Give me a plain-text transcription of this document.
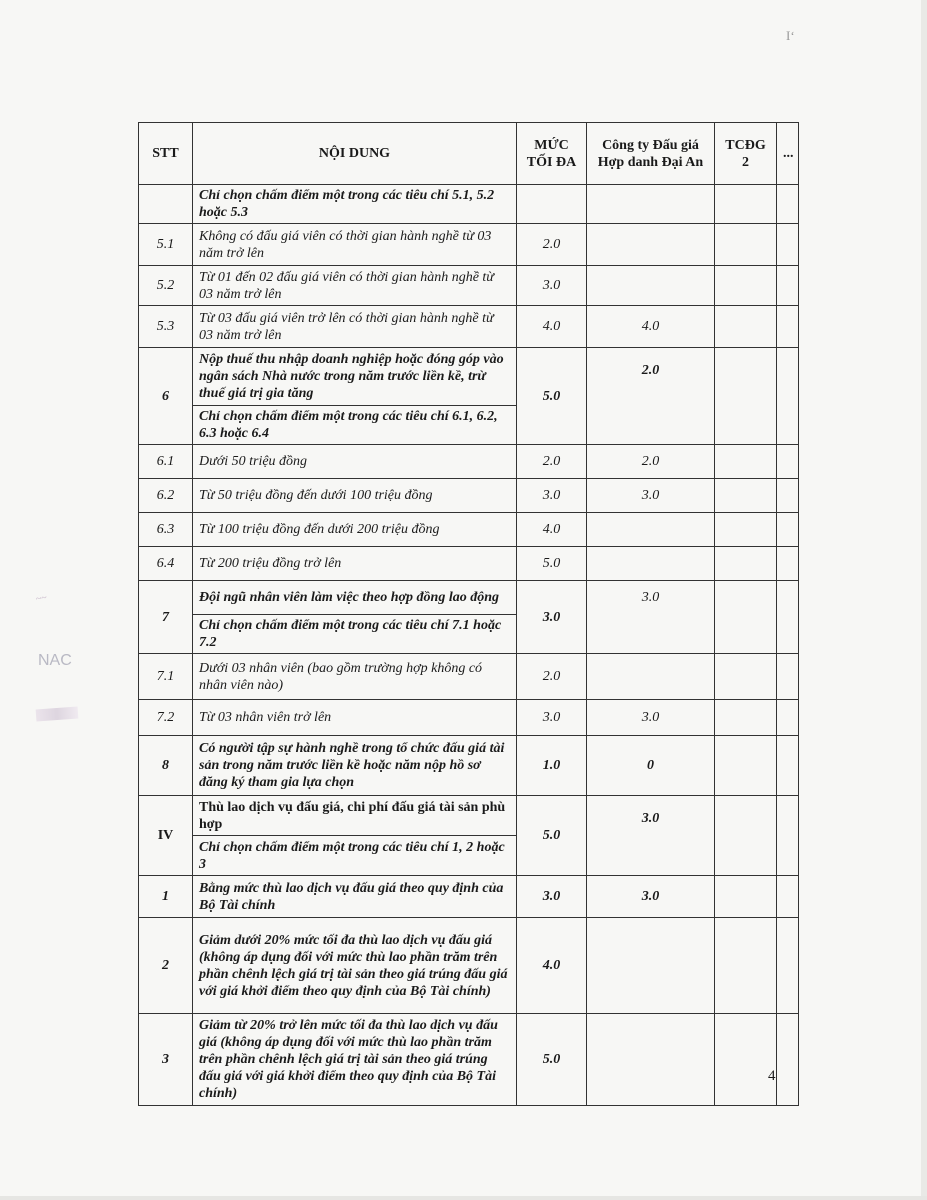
I‘
~~
NAC
STT	NỘI DUNG	MỨC TỐI ĐA	Công ty Đấu giá Hợp danh Đại An	TCĐG 2	...
	Chỉ chọn chấm điểm một trong các tiêu chí 5.1, 5.2 hoặc 5.3				
5.1	Không có đấu giá viên có thời gian hành nghề từ 03 năm trở lên	2.0			
5.2	Từ 01 đến 02 đấu giá viên có thời gian hành nghề từ 03 năm trở lên	3.0			
5.3	Từ 03 đấu giá viên trở lên có thời gian hành nghề từ 03 năm trở lên	4.0	4.0		
6	Nộp thuế thu nhập doanh nghiệp hoặc đóng góp vào ngân sách Nhà nước trong năm trước liền kề, trừ thuế giá trị gia tăng	5.0	2.0		
	Chỉ chọn chấm điểm một trong các tiêu chí 6.1, 6.2, 6.3 hoặc 6.4				
6.1	Dưới 50 triệu đồng	2.0	2.0		
6.2	Từ 50 triệu đồng đến dưới 100 triệu đồng	3.0	3.0		
6.3	Từ 100 triệu đồng đến dưới 200 triệu đồng	4.0			
6.4	Từ 200 triệu đồng trở lên	5.0			
7	Đội ngũ nhân viên làm việc theo hợp đồng lao động	3.0	3.0		
	Chỉ chọn chấm điểm một trong các tiêu chí 7.1 hoặc 7.2				
7.1	Dưới 03 nhân viên (bao gồm trường hợp không có nhân viên nào)	2.0			
7.2	Từ 03 nhân viên trở lên	3.0	3.0		
8	Có người tập sự hành nghề trong tổ chức đấu giá tài sản trong năm trước liền kề hoặc năm nộp hồ sơ đăng ký tham gia lựa chọn	1.0	0		
IV	Thù lao dịch vụ đấu giá, chi phí đấu giá tài sản phù hợp	5.0	3.0		
	Chỉ chọn chấm điểm một trong các tiêu chí 1, 2 hoặc 3				
1	Bằng mức thù lao dịch vụ đấu giá theo quy định của Bộ Tài chính	3.0	3.0		
2	Giảm dưới 20% mức tối đa thù lao dịch vụ đấu giá (không áp dụng đối với mức thù lao phần trăm trên phần chênh lệch giá trị tài sản theo giá trúng đấu giá với giá khởi điểm theo quy định của Bộ Tài chính)	4.0			
3	Giảm từ 20% trở lên mức tối đa thù lao dịch vụ đấu giá (không áp dụng đối với mức thù lao phần trăm trên phần chênh lệch giá trị tài sản theo giá trúng đấu giá với giá khởi điểm theo quy định của Bộ Tài chính)	5.0			
4
